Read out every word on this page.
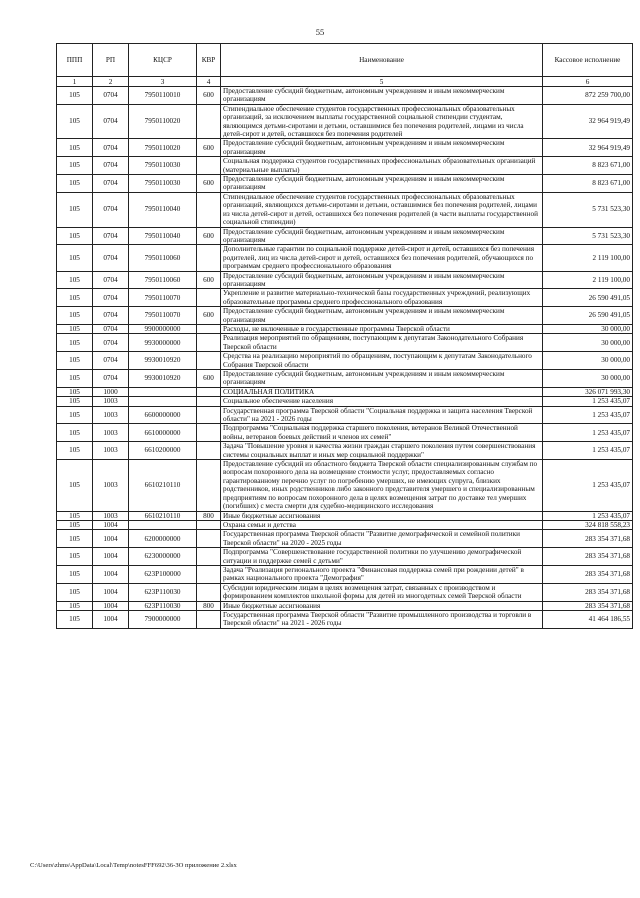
55
ППП	РП	КЦСР	КВР	Наименование	Кассовое исполнение
1	2	3	4	5	6
105	0704	7950110010	600	Предоставление субсидий бюджетным, автономным учреждениям и иным некоммерческим организациям	872 259 700,00
105	0704	7950110020		Стипендиальное обеспечение студентов государственных профессиональных образовательных организаций, за исключением выплаты государственной социальной стипендии студентам, являющимся детьми-сиротами и детьми, оставшимися без попечения родителей, лицами из числа детей-сирот и детей, оставшихся без попечения родителей	32 964 919,49
105	0704	7950110020	600	Предоставление субсидий бюджетным, автономным учреждениям и иным некоммерческим организациям	32 964 919,49
105	0704	7950110030		Социальная поддержка студентов государственных профессиональных образовательных организаций (материальные выплаты)	8 823 671,00
105	0704	7950110030	600	Предоставление субсидий бюджетным, автономным учреждениям и иным некоммерческим организациям	8 823 671,00
105	0704	7950110040		Стипендиальное обеспечение студентов государственных профессиональных образовательных организаций, являющихся детьми-сиротами и детьми, оставшимися без попечения родителей, лицами из числа детей-сирот и детей, оставшихся без попечения родителей (в части выплаты государственной социальной стипендии)	5 731 523,30
105	0704	7950110040	600	Предоставление субсидий бюджетным, автономным учреждениям и иным некоммерческим организациям	5 731 523,30
105	0704	7950110060		Дополнительные гарантии по социальной поддержке детей-сирот и детей, оставшихся без попечения родителей, лиц из числа детей-сирот и детей, оставшихся без попечения родителей, обучающихся по программам среднего профессионального образования	2 119 100,00
105	0704	7950110060	600	Предоставление субсидий бюджетным, автономным учреждениям и иным некоммерческим организациям	2 119 100,00
105	0704	7950110070		Укрепление и развитие материально-технической базы государственных учреждений, реализующих образовательные программы среднего профессионального образования	26 590 491,05
105	0704	7950110070	600	Предоставление субсидий бюджетным, автономным учреждениям и иным некоммерческим организациям	26 590 491,05
105	0704	9900000000		Расходы, не включенные в государственные программы Тверской области	30 000,00
105	0704	9930000000		Реализация мероприятий по обращениям, поступающим к депутатам Законодательного Собрания Тверской области	30 000,00
105	0704	9930010920		Средства на реализацию мероприятий по обращениям, поступающим к депутатам Законодательного Собрания Тверской области	30 000,00
105	0704	9930010920	600	Предоставление субсидий бюджетным, автономным учреждениям и иным некоммерческим организациям	30 000,00
105	1000			СОЦИАЛЬНАЯ ПОЛИТИКА	326 071 993,30
105	1003			Социальное обеспечение населения	1 253 435,07
105	1003	6600000000		Государственная программа Тверской области "Социальная поддержка и защита населения Тверской области" на 2021 - 2026 годы	1 253 435,07
105	1003	6610000000		Подпрограмма "Социальная поддержка старшего поколения, ветеранов Великой Отечественной войны, ветеранов боевых действий и членов их семей"	1 253 435,07
105	1003	6610200000		Задача "Повышение уровня и качества жизни граждан старшего поколения путем совершенствования системы социальных выплат и иных мер социальной поддержки"	1 253 435,07
105	1003	6610210110		Предоставление субсидий из областного бюджета Тверской области специализированным службам по вопросам похоронного дела на возмещение стоимости услуг, предоставляемых согласно гарантированному перечню услуг по погребению умерших, не имеющих супруга, близких родственников, иных родственников либо законного представителя умершего и специализированным предприятиям по вопросам похоронного дела в целях возмещения затрат по доставке тел умерших (погибших) с места смерти для судебно-медицинского исследования	1 253 435,07
105	1003	6610210110	800	Иные бюджетные ассигнования	1 253 435,07
105	1004			Охрана семьи и детства	324 818 558,23
105	1004	6200000000		Государственная программа Тверской области "Развитие демографической и семейной политики Тверской области" на 2020 - 2025 годы	283 354 371,68
105	1004	6230000000		Подпрограмма "Совершенствование государственной политики по улучшению демографической ситуации и поддержке семей с детьми"	283 354 371,68
105	1004	623P100000		Задача "Реализация регионального проекта "Финансовая поддержка семей при рождении детей" в рамках национального проекта "Демография"	283 354 371,68
105	1004	623P110030		Субсидии юридическим лицам в целях возмещения затрат, связанных с производством и формированием комплектов школьной формы для детей из многодетных семей Тверской области	283 354 371,68
105	1004	623P110030	800	Иные бюджетные ассигнования	283 354 371,68
105	1004	7900000000		Государственная программа Тверской области "Развитие промышленного производства и торговли в Тверской области" на 2021 - 2026 годы	41 464 186,55
C:\Users\zhms\AppData\Local\Temp\notesFFF692\36-ЗО приложение 2.xlsx
